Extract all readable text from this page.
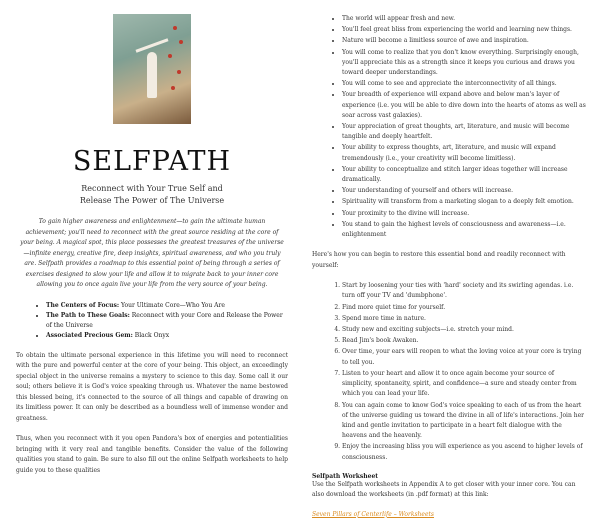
SELFPATH
Reconnect with Your True Self and
Release The Power of The Universe

To gain higher awareness and enlightenment—to gain the ultimate human achievement; you'll need to reconnect with the great source residing at the core of your being. A magical spot, this place possesses the greatest treasures of the universe—infinite energy, creative fire, deep insights, spiritual awareness, and who you truly are. Selfpath provides a roadmap to this essential point of being through a series of exercises designed to slow your life and allow it to migrate back to your inner core allowing you to once again live your life from the very source of your being.

• The Centers of Focus: Your Ultimate Core—Who You Are
• The Path to These Goals: Reconnect with your Core and Release the Power of the Universe
• Associated Precious Gem: Black Onyx

To obtain the ultimate personal experience in this lifetime you will need to reconnect with the pure and powerful center at the core of your being. This object, an exceedingly special object in the universe remains a mystery to science to this day. Some call it our soul; others believe it is God's voice speaking through us. Whatever the name bestowed this blessed being, it's connected to the source of all things and capable of drawing on its limitless power. It can only be described as a boundless well of immense wonder and greatness.

Thus, when you reconnect with it you open Pandora's box of energies and potentialities bringing with it very real and tangible benefits. Consider the value of the following qualities you stand to gain. Be sure to also fill out the online Selfpath worksheets to help guide you to these qualities

• The world will appear fresh and new.
• You'll feel great bliss from experiencing the world and learning new things.
• Nature will become a limitless source of awe and inspiration.
• You will come to realize that you don't know everything. Surprisingly enough, you'll appreciate this as a strength since it keeps you curious and draws you toward deeper understandings.
• You will come to see and appreciate the interconnectivity of all things.
• Your breadth of experience will expand above and below man's layer of experience (i.e. you will be able to dive down into the hearts of atoms as well as soar across vast galaxies).
• Your appreciation of great thoughts, art, literature, and music will become tangible and deeply heartfelt.
• Your ability to express thoughts, art, literature, and music will expand tremendously (i.e., your creativity will become limitless).
• Your ability to conceptualize and stitch larger ideas together will increase dramatically.
• Your understanding of yourself and others will increase.
• Spirituality will transform from a marketing slogan to a deeply felt emotion.
• Your proximity to the divine will increase.
• You stand to gain the highest levels of consciousness and awareness—i.e. enlightenment

Here's how you can begin to restore this essential bond and readily reconnect with yourself:

1. Start by loosening your ties with 'hard' society and its swirling agendas. i.e. turn off your TV and 'dumbphone'.
2. Find more quiet time for yourself.
3. Spend more time in nature.
4. Study new and exciting subjects—i.e. stretch your mind.
5. Read Jim's book Awaken.
6. Over time, your ears will reopen to what the loving voice at your core is trying to tell you.
7. Listen to your heart and allow it to once again become your source of simplicity, spontaneity, spirit, and confidence—a sure and steady center from which you can lead your life.
8. You can again come to know God's voice speaking to each of us from the heart of the universe guiding us toward the divine in all of life's interactions. Join her kind and gentle invitation to participate in a heart felt dialogue with the heavens and the heavenly.
9. Enjoy the increasing bliss you will experience as you ascend to higher levels of consciousness.
Selfpath Worksheet
Use the Selfpath worksheets in Appendix A to get closer with your inner core. You can also download the worksheets (in .pdf format) at this link:
Seven Pillars of Centerlife – Worksheets
